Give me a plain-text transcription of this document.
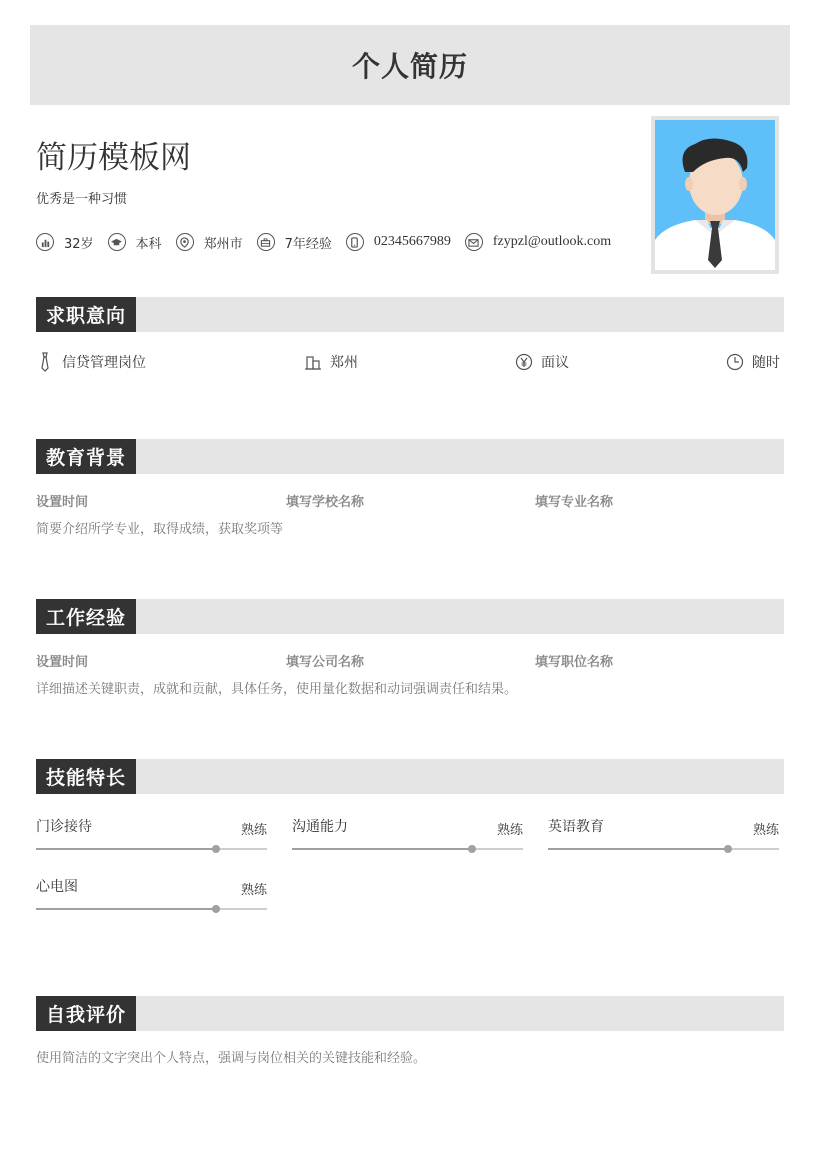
个人简历
简历模板网
优秀是一种习惯
32岁	本科	郑州市	7年经验	02345667989	fzypzl@outlook.com
求职意向
信贷管理岗位	郑州	面议	随时
教育背景
设置时间	填写学校名称	填写专业名称
简要介绍所学专业，取得成绩，获取奖项等
工作经验
设置时间	填写公司名称	填写职位名称
详细描述关键职责，成就和贡献，具体任务，使用量化数据和动词强调责任和结果。
技能特长
门诊接待	熟练 沟通能力	熟练 英语教育	熟练
心电图	熟练
自我评价
使用简洁的文字突出个人特点，强调与岗位相关的关键技能和经验。
